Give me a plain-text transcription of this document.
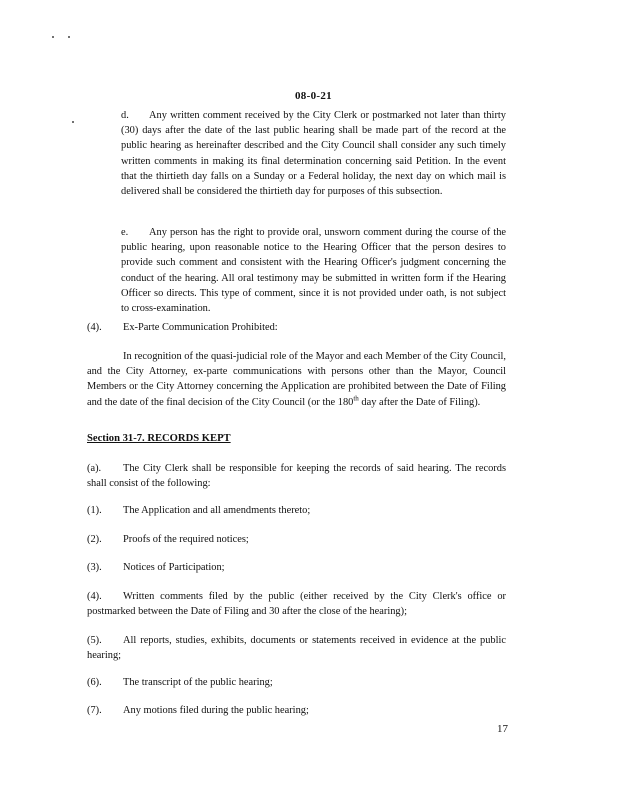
08-0-21

d. Any written comment received by the City Clerk or postmarked not later than thirty (30) days after the date of the last public hearing shall be made part of the record at the public hearing as hereinafter described and the City Council shall consider any such timely written comments in making its final determination concerning said Petition. In the event that the thirtieth day falls on a Sunday or a Federal holiday, the next day on which mail is delivered shall be considered the thirtieth day for purposes of this subsection.

e. Any person has the right to provide oral, unsworn comment during the course of the public hearing, upon reasonable notice to the Hearing Officer that the person desires to provide such comment and consistent with the Hearing Officer's judgment concerning the conduct of the hearing. All oral testimony may be submitted in written form if the Hearing Officer so directs. This type of comment, since it is not provided under oath, is not subject to cross-examination.

(4). Ex-Parte Communication Prohibited:

In recognition of the quasi-judicial role of the Mayor and each Member of the City Council, and the City Attorney, ex-parte communications with persons other than the Mayor, Council Members or the City Attorney concerning the Application are prohibited between the Date of Filing and the date of the final decision of the City Council (or the 180th day after the Date of Filing).

Section 31-7. RECORDS KEPT

(a). The City Clerk shall be responsible for keeping the records of said hearing. The records shall consist of the following:

(1). The Application and all amendments thereto;
(2). Proofs of the required notices;
(3). Notices of Participation;

(4). Written comments filed by the public (either received by the City Clerk's office or postmarked between the Date of Filing and 30 after the close of the hearing);

(5). All reports, studies, exhibits, documents or statements received in evidence at the public hearing;

(6). The transcript of the public hearing;
(7). Any motions filed during the public hearing;
17
